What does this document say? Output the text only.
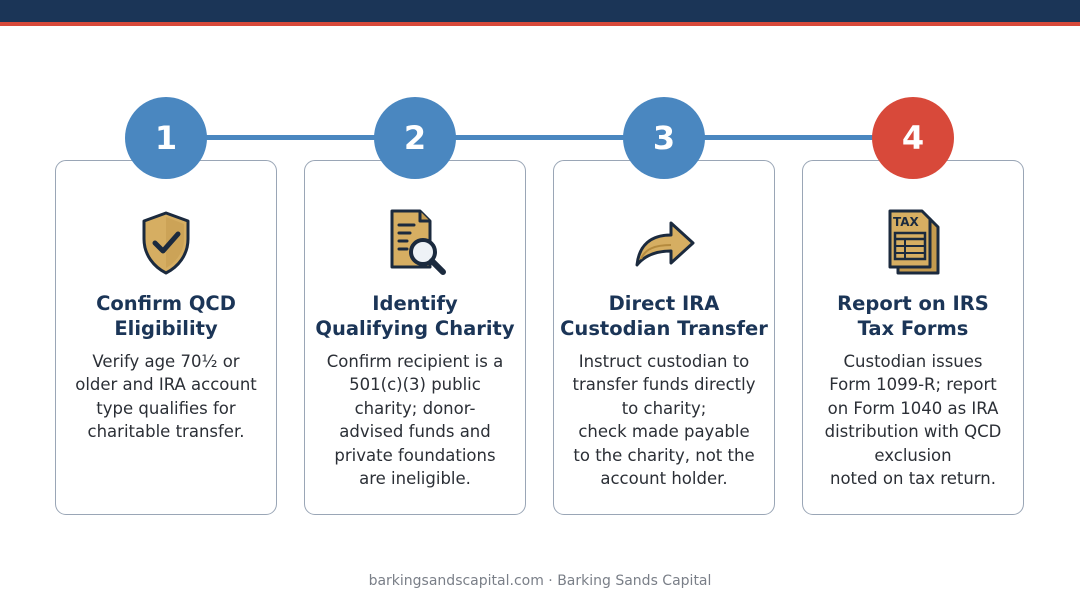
1	2	3	4
Confirm QCD
Eligibility
Verify age 70½ or
older and IRA account
type qualifies for
charitable transfer.
Identify
Qualifying Charity
Confirm recipient is a
501(c)(3) public
charity; donor-
advised funds and
private foundations
are ineligible.
Direct IRA
Custodian Transfer
Instruct custodian to
transfer funds directly
to charity;
check made payable
to the charity, not the
account holder.
TAX
Report on IRS
Tax Forms
Custodian issues
Form 1099-R; report
on Form 1040 as IRA
distribution with QCD
exclusion
noted on tax return.
barkingsandscapital.com · Barking Sands Capital
